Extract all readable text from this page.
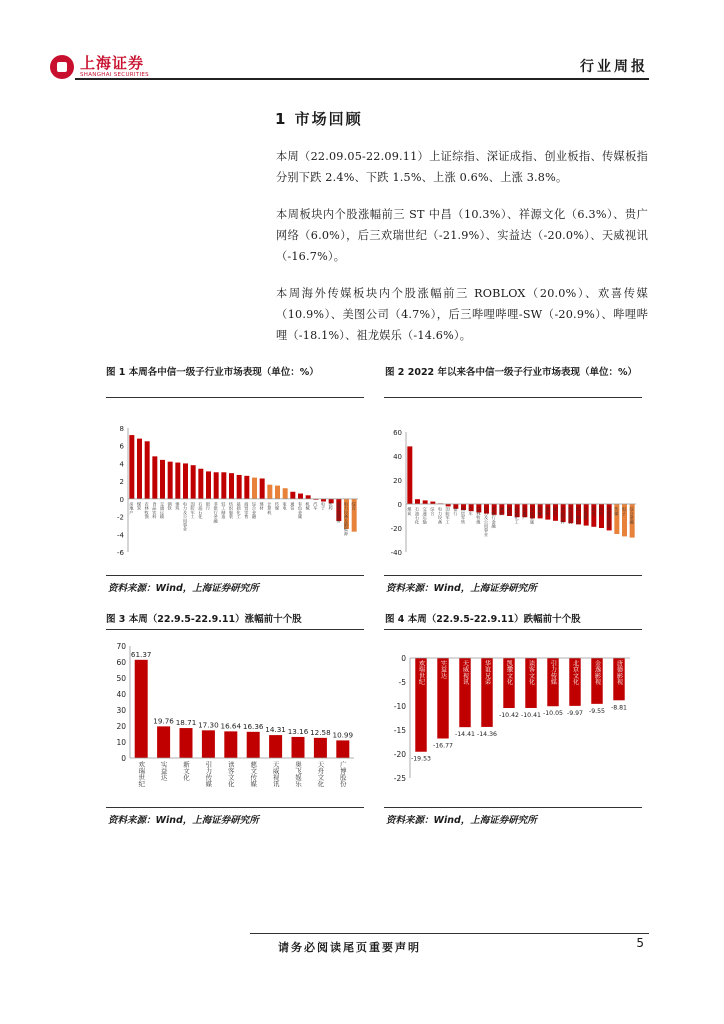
上海证券
SHANGHAI SECURITIES	行业周报
1 市场回顾
本周（22.09.05-22.09.11）上证综指、深证成指、创业板指、传媒板指分别下跌 2.4%、下跌 1.5%、上涨 0.6%、上涨 3.8%。
本周板块内个股涨幅前三 ST 中昌（10.3%）、祥源文化（6.3%）、贵广网络（6.0%），后三欢瑞世纪（-21.9%）、实益达（-20.0%）、天威视讯（-16.7%）。
本周海外传媒板块内个股涨幅前三 ROBLOX（20.0%）、欢喜传媒（10.9%）、美图公司（4.7%），后三哔哩哔哩-SW（-20.9%）、哔哩哔哩（-18.1%）、祖龙娱乐（-14.6%）。
图 1 本周各中信一级子行业市场表现（单位：%）	图 2 2022 年以来各中信一级子行业市场表现（单位：%）
-6
-4
-2
0
2
4
6
8
房地产 煤炭 农林牧渔 食品饮料 交通运输 钢铁 建筑 电力及公用事业 国防军工 石油石化 银行 非银行金融 轻工制造 纺织服装 基础化工 商贸零售 综合金融 建材 计算机 传媒 家电 通信 有色金属 机械 汽车 电子 医药 消费者服务 电力设备及新能源 综合
-40
-20
0
20
40
60
煤炭 石油石化 交通运输 综合 电力设备 国防军工 银行 商贸零售 汽车 农林牧渔 电力及公用事业 非银行金融 钢铁 建筑 基础化工 房地产 有色金属 机械 建材 通信 食品饮料 纺织服装 轻工制造 计算机 家电 医药 消费者服务 传媒 电子 综合金融
资料来源：Wind，上海证券研究所	资料来源：Wind，上海证券研究所
图 3 本周（22.9.5-22.9.11）涨幅前十个股	图 4 本周（22.9.5-22.9.11）跌幅前十个股
0
10
20
30
40
50
60
70
欢瑞世纪
61.37
实益达
19.76
新文化
18.71
引力传媒
17.30
读客文化
16.64
慈文传媒
16.36
天威视讯
14.31
奥飞娱乐
13.16
天舟文化
12.58
广博股份
10.99
-25
-20
-15
-10
-5
0
欢瑞世纪
-19.53
实益达
-16.77
天威视讯
-14.41
华谊兄弟
-14.36
凯撒文化
-10.42
读客文化
-10.41
引力传媒
-10.05
北京文化
-9.97
金逸影视
-9.55
唐德影视
-8.81
资料来源：Wind，上海证券研究所	资料来源：Wind，上海证券研究所
请务必阅读尾页重要声明	5
